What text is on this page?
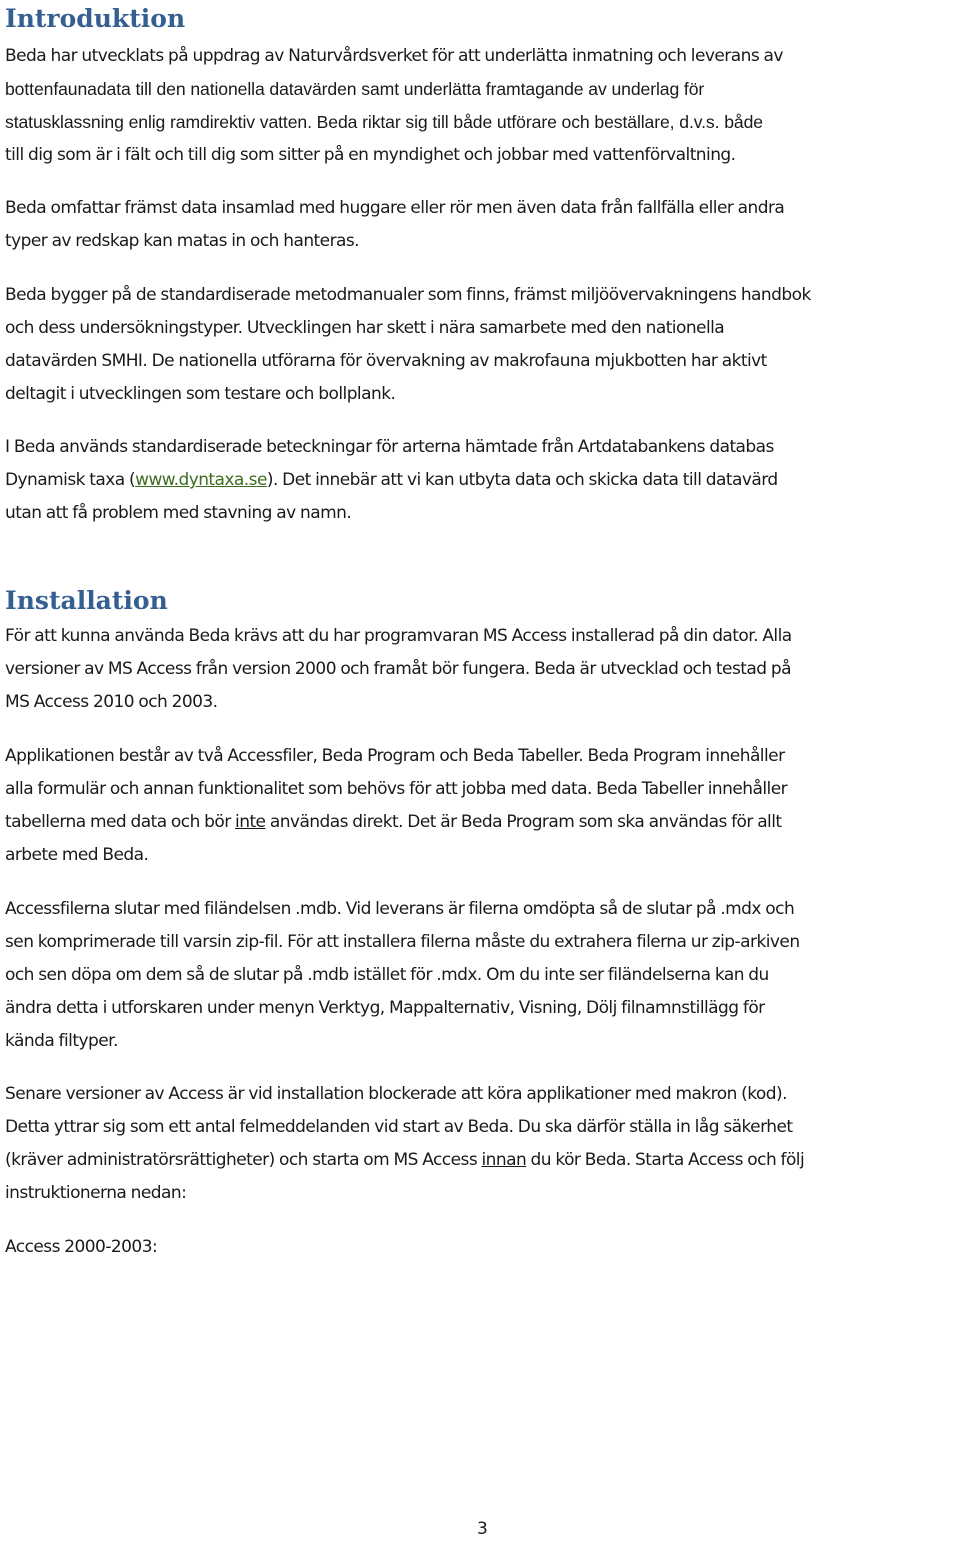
Introduktion

Beda har utvecklats på uppdrag av Naturvårdsverket för att underlätta inmatning och leverans av
bottenfaunadata till den nationella datavärden samt underlätta framtagande av underlag för
statusklassning enlig ramdirektiv vatten. Beda riktar sig till både utförare och beställare, d.v.s. både
till dig som är i fält och till dig som sitter på en myndighet och jobbar med vattenförvaltning.

Beda omfattar främst data insamlad med huggare eller rör men även data från fallfälla eller andra
typer av redskap kan matas in och hanteras.

Beda bygger på de standardiserade metodmanualer som finns, främst miljöövervakningens handbok
och dess undersökningstyper. Utvecklingen har skett i nära samarbete med den nationella
datavärden SMHI. De nationella utförarna för övervakning av makrofauna mjukbotten har aktivt
deltagit i utvecklingen som testare och bollplank.

I Beda används standardiserade beteckningar för arterna hämtade från Artdatabankens databas
Dynamisk taxa (www.dyntaxa.se). Det innebär att vi kan utbyta data och skicka data till datavärd
utan att få problem med stavning av namn.

Installation

För att kunna använda Beda krävs att du har programvaran MS Access installerad på din dator. Alla
versioner av MS Access från version 2000 och framåt bör fungera. Beda är utvecklad och testad på
MS Access 2010 och 2003.

Applikationen består av två Accessfiler, Beda Program och Beda Tabeller. Beda Program innehåller
alla formulär och annan funktionalitet som behövs för att jobba med data. Beda Tabeller innehåller
tabellerna med data och bör inte användas direkt. Det är Beda Program som ska användas för allt
arbete med Beda.

Accessfilerna slutar med filändelsen .mdb. Vid leverans är filerna omdöpta så de slutar på .mdx och
sen komprimerade till varsin zip-fil. För att installera filerna måste du extrahera filerna ur zip-arkiven
och sen döpa om dem så de slutar på .mdb istället för .mdx. Om du inte ser filändelserna kan du
ändra detta i utforskaren under menyn Verktyg, Mappalternativ, Visning, Dölj filnamnstillägg för
kända filtyper.

Senare versioner av Access är vid installation blockerade att köra applikationer med makron (kod).
Detta yttrar sig som ett antal felmeddelanden vid start av Beda. Du ska därför ställa in låg säkerhet
(kräver administratörsrättigheter) och starta om MS Access innan du kör Beda. Starta Access och följ
instruktionerna nedan:

Access 2000-2003:

3
